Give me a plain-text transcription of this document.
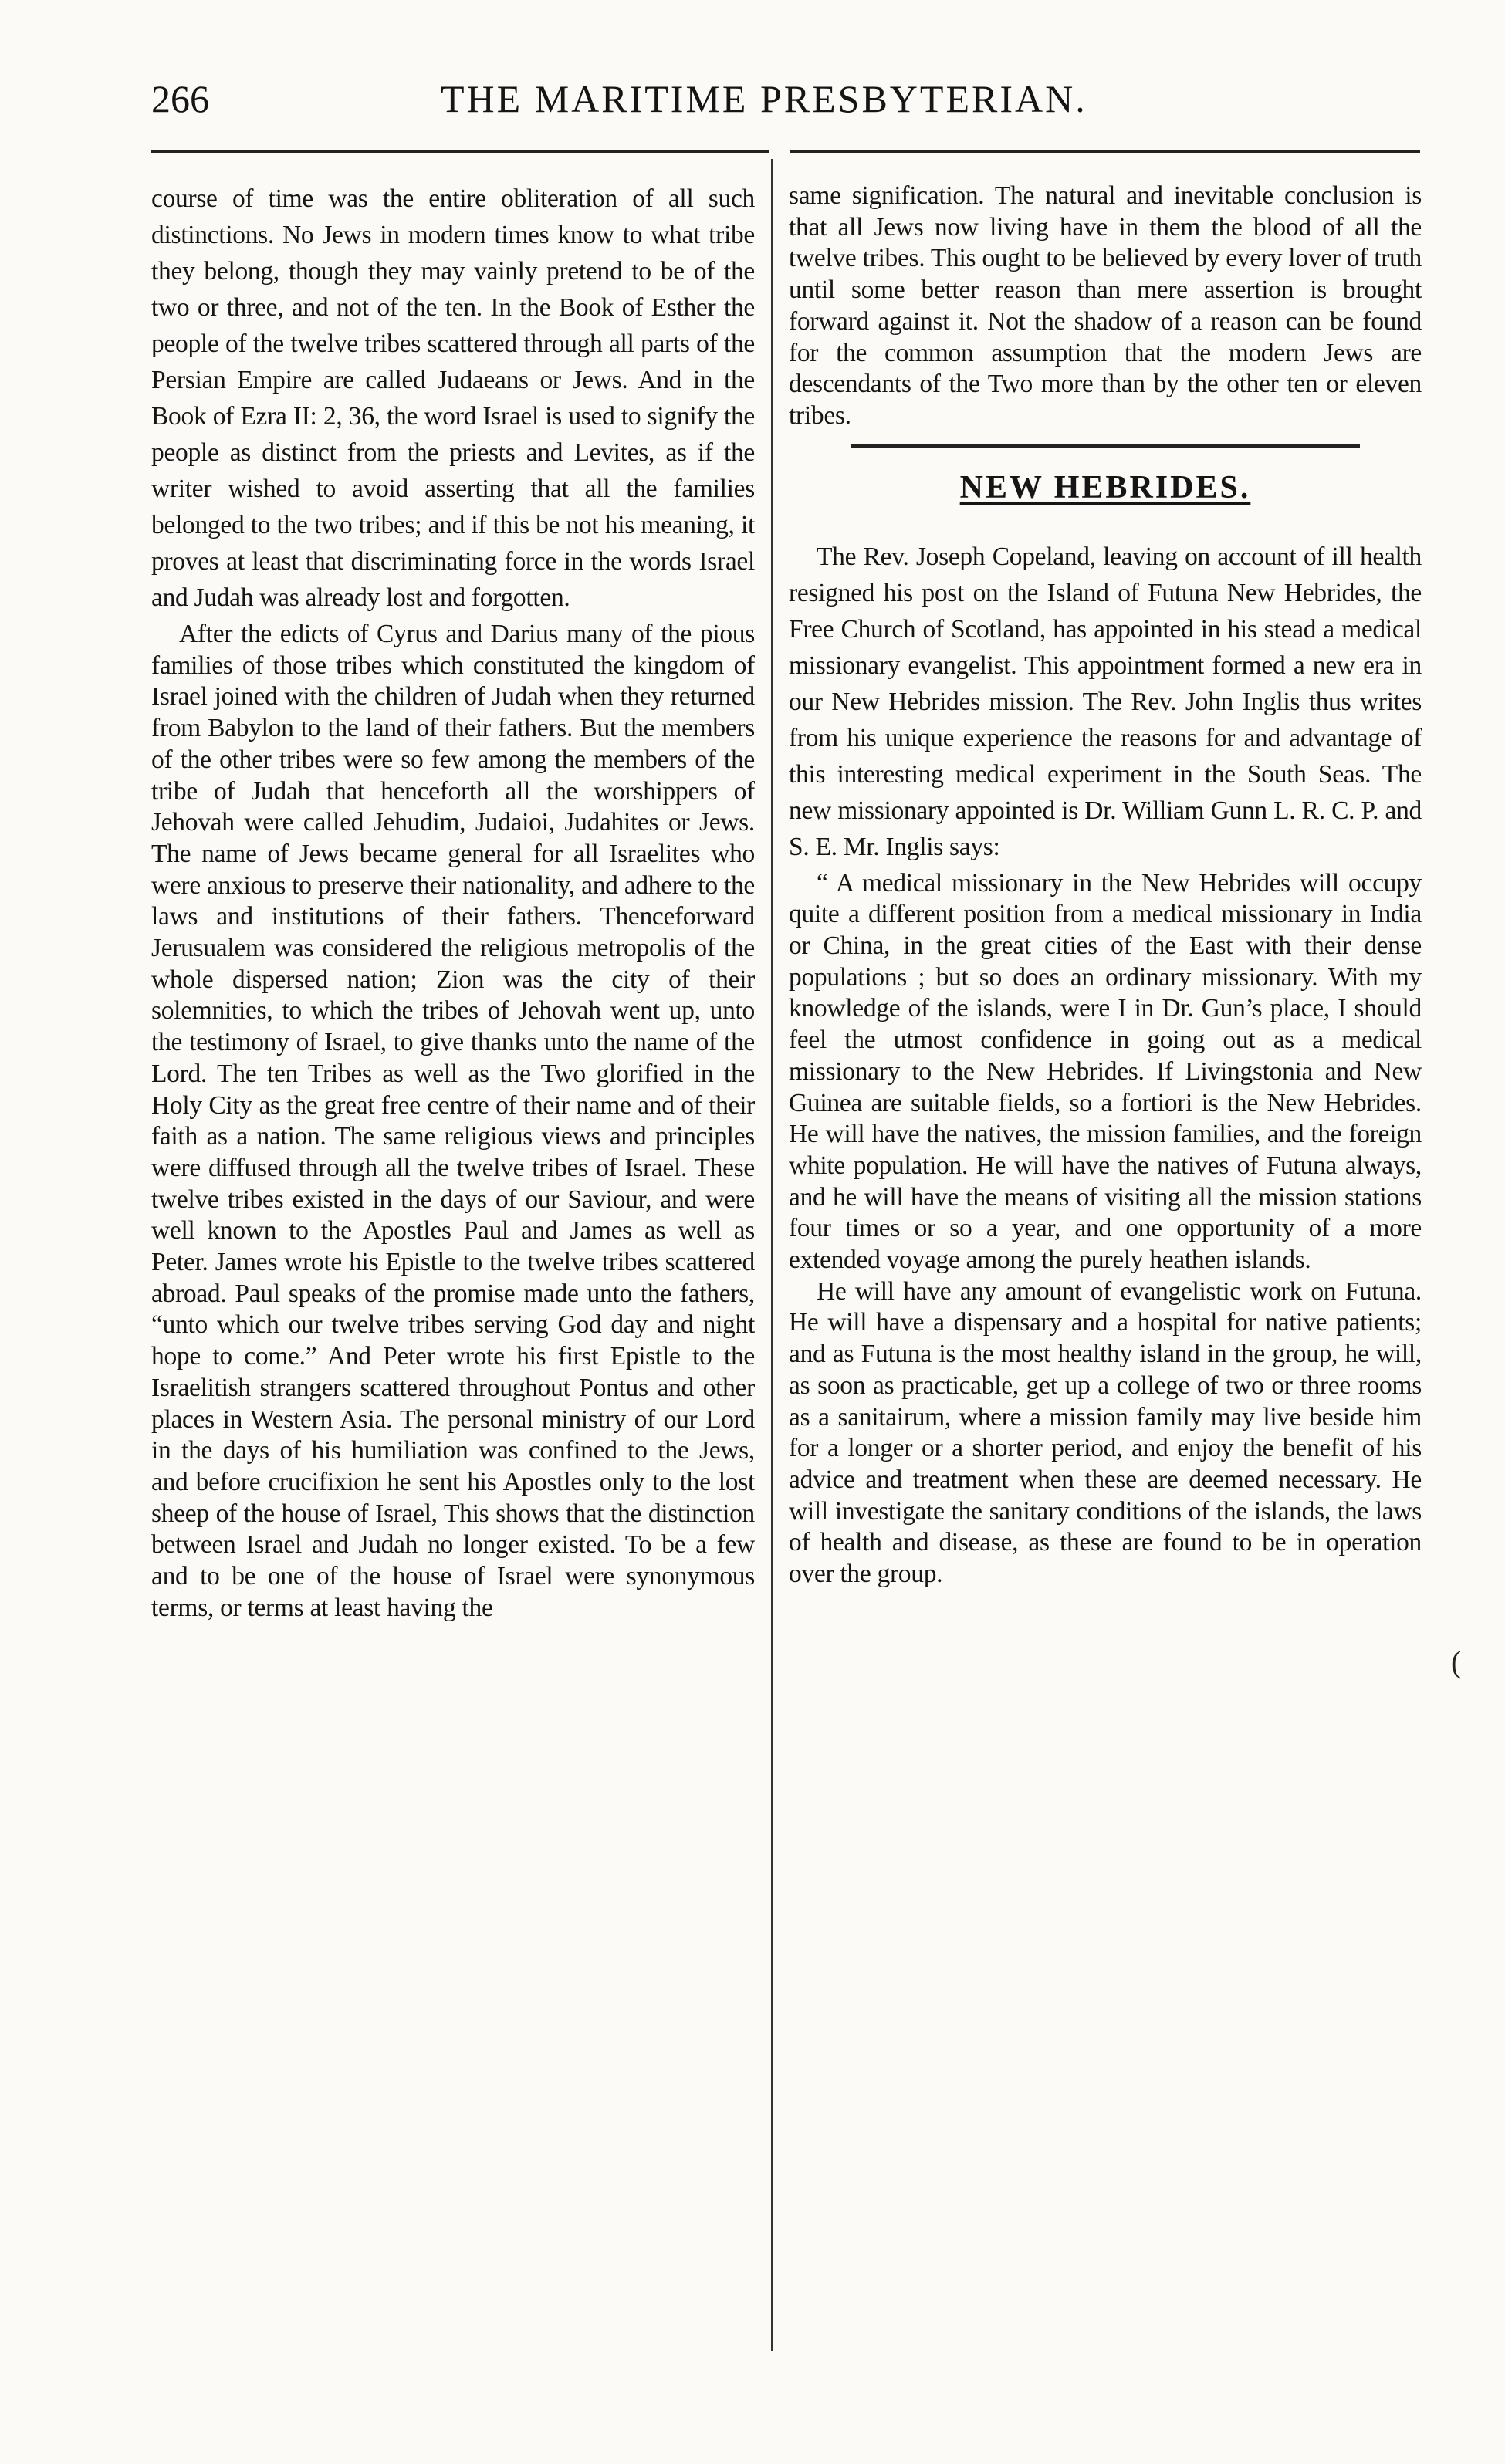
266	THE MARITIME PRESBYTERIAN.

course of time was the entire obliteration of all such distinctions. No Jews in modern times know to what tribe they belong, though they may vainly pretend to be of the two or three, and not of the ten. In the Book of Esther the people of the twelve tribes scattered through all parts of the Persian Empire are called Judaeans or Jews. And in the Book of Ezra II: 2, 36, the word Israel is used to signify the people as distinct from the priests and Levites, as if the writer wished to avoid asserting that all the families belonged to the two tribes; and if this be not his meaning, it proves at least that discriminating force in the words Israel and Judah was already lost and forgotten.

After the edicts of Cyrus and Darius many of the pious families of those tribes which constituted the kingdom of Israel joined with the children of Judah when they returned from Babylon to the land of their fathers. But the members of the other tribes were so few among the members of the tribe of Judah that henceforth all the worshippers of Jehovah were called Jehudim, Judaioi, Judahites or Jews. The name of Jews became general for all Israelites who were anxious to preserve their nationality, and adhere to the laws and institutions of their fathers. Thenceforward Jerusualem was considered the religious metropolis of the whole dispersed nation; Zion was the city of their solemnities, to which the tribes of Jehovah went up, unto the testimony of Israel, to give thanks unto the name of the Lord. The ten Tribes as well as the Two glorified in the Holy City as the great free centre of their name and of their faith as a nation. The same religious views and principles were diffused through all the twelve tribes of Israel. These twelve tribes existed in the days of our Saviour, and were well known to the Apostles Paul and James as well as Peter. James wrote his Epistle to the twelve tribes scattered abroad. Paul speaks of the promise made unto the fathers, “unto which our twelve tribes serving God day and night hope to come.” And Peter wrote his first Epistle to the Israelitish strangers scattered throughout Pontus and other places in Western Asia. The personal ministry of our Lord in the days of his humiliation was confined to the Jews, and before crucifixion he sent his Apostles only to the lost sheep of the house of Israel, This shows that the distinction between Israel and Judah no longer existed. To be a few and to be one of the house of Israel were synonymous terms, or terms at least having the

same signification. The natural and inevitable conclusion is that all Jews now living have in them the blood of all the twelve tribes. This ought to be believed by every lover of truth until some better reason than mere assertion is brought forward against it. Not the shadow of a reason can be found for the common assumption that the modern Jews are descendants of the Two more than by the other ten or eleven tribes.

NEW HEBRIDES.

The Rev. Joseph Copeland, leaving on account of ill health resigned his post on the Island of Futuna New Hebrides, the Free Church of Scotland, has appointed in his stead a medical missionary evangelist. This appointment formed a new era in our New Hebrides mission. The Rev. John Inglis thus writes from his unique experience the reasons for and advantage of this interesting medical experiment in the South Seas. The new missionary appointed is Dr. William Gunn L. R. C. P. and S. E. Mr. Inglis says:

“ A medical missionary in the New Hebrides will occupy quite a different position from a medical missionary in India or China, in the great cities of the East with their dense populations ; but so does an ordinary missionary. With my knowledge of the islands, were I in Dr. Gun’s place, I should feel the utmost confidence in going out as a medical missionary to the New Hebrides. If Livingstonia and New Guinea are suitable fields, so a fortiori is the New Hebrides. He will have the natives, the mission families, and the foreign white population. He will have the natives of Futuna always, and he will have the means of visiting all the mission stations four times or so a year, and one opportunity of a more extended voyage among the purely heathen islands.

He will have any amount of evangelistic work on Futuna. He will have a dispensary and a hospital for native patients; and as Futuna is the most healthy island in the group, he will, as soon as practicable, get up a college of two or three rooms as a sanitairum, where a mission family may live beside him for a longer or a shorter period, and enjoy the benefit of his advice and treatment when these are deemed necessary. He will investigate the sanitary conditions of the islands, the laws of health and disease, as these are found to be in operation over the group.

(
